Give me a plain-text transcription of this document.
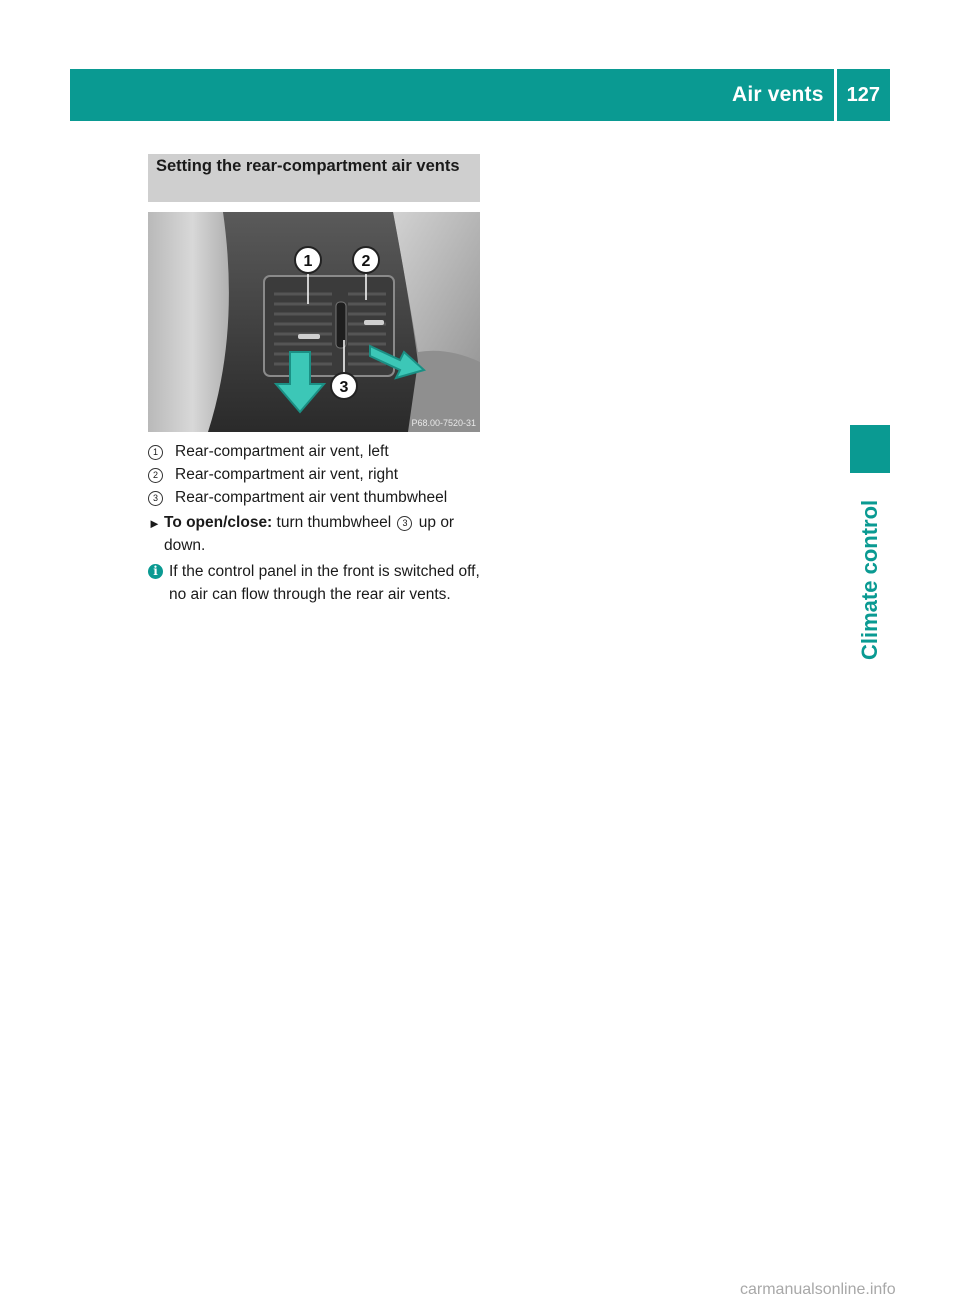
Air vents	127
Setting the rear-compartment air vents
1	2
3
P68.00-7520-31
1	Rear-compartment air vent, left
2	Rear-compartment air vent, right
3	Rear-compartment air vent thumbwheel
► To open/close: turn thumbwheel 3 up or down.
i If the control panel in the front is switched off, no air can flow through the rear air vents.	Climate control
carmanualsonline.info
